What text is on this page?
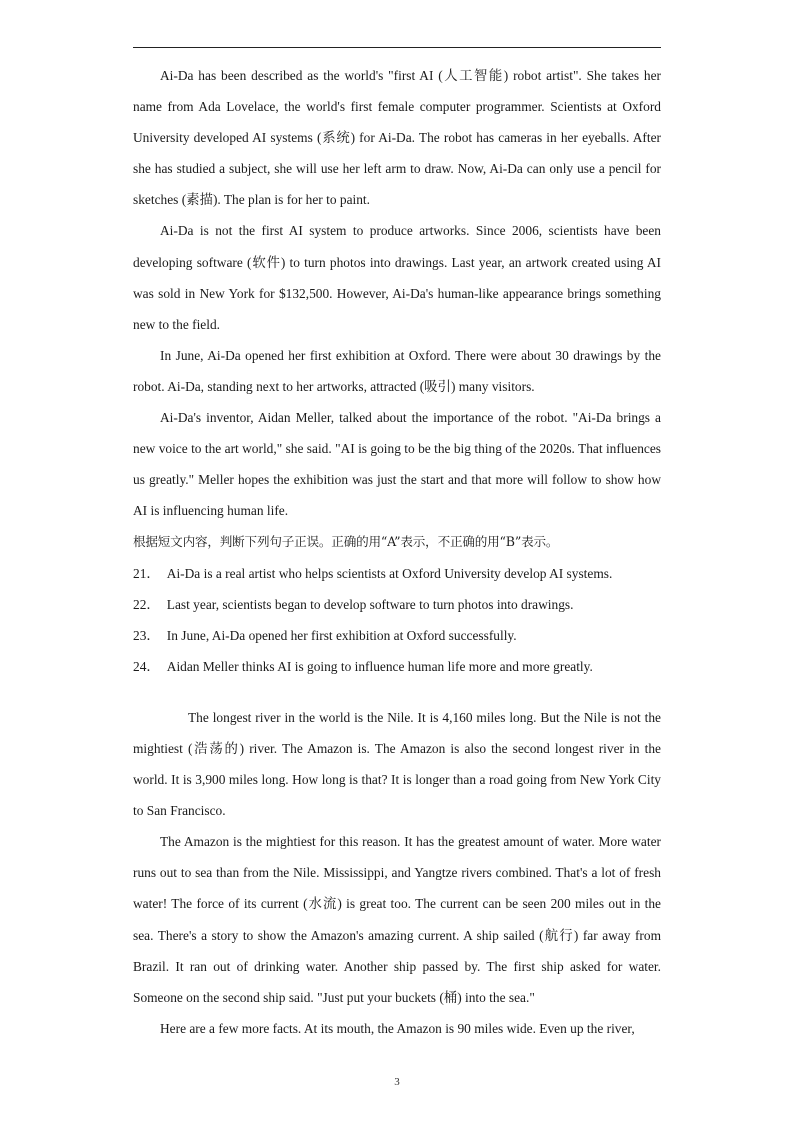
Ai-Da has been described as the world's "first AI (人工智能) robot artist". She takes her name from Ada Lovelace, the world's first female computer programmer. Scientists at Oxford University developed AI systems (系统) for Ai-Da. The robot has cameras in her eyeballs. After she has studied a subject, she will use her left arm to draw. Now, Ai-Da can only use a pencil for sketches (素描). The plan is for her to paint.

Ai-Da is not the first AI system to produce artworks. Since 2006, scientists have been developing software (软件) to turn photos into drawings. Last year, an artwork created using AI was sold in New York for $132,500. However, Ai-Da's human-like appearance brings something new to the field.

In June, Ai-Da opened her first exhibition at Oxford. There were about 30 drawings by the robot. Ai-Da, standing next to her artworks, attracted (吸引) many visitors.

Ai-Da's inventor, Aidan Meller, talked about the importance of the robot. "Ai-Da brings a new voice to the art world," she said. "AI is going to be the big thing of the 2020s. That influences us greatly." Meller hopes the exhibition was just the start and that more will follow to show how AI is influencing human life.

根据短文内容，判断下列句子正误。正确的用“A”表示，不正确的用“B”表示。

21． Ai-Da is a real artist who helps scientists at Oxford University develop AI systems.

22． Last year, scientists began to develop software to turn photos into drawings.

23． In June, Ai-Da opened her first exhibition at Oxford successfully.

24． Aidan Meller thinks AI is going to influence human life more and more greatly.

The longest river in the world is the Nile. It is 4,160 miles long. But the Nile is not the mightiest (浩荡的) river. The Amazon is. The Amazon is also the second longest river in the world. It is 3,900 miles long. How long is that? It is longer than a road going from New York City to San Francisco.

The Amazon is the mightiest for this reason. It has the greatest amount of water. More water runs out to sea than from the Nile. Mississippi, and Yangtze rivers combined. That's a lot of fresh water! The force of its current (水流) is great too. The current can be seen 200 miles out in the sea. There's a story to show the Amazon's amazing current. A ship sailed (航行) far away from Brazil. It ran out of drinking water. Another ship passed by. The first ship asked for water. Someone on the second ship said. "Just put your buckets (桶) into the sea."

Here are a few more facts. At its mouth, the Amazon is 90 miles wide. Even up the river,

3
